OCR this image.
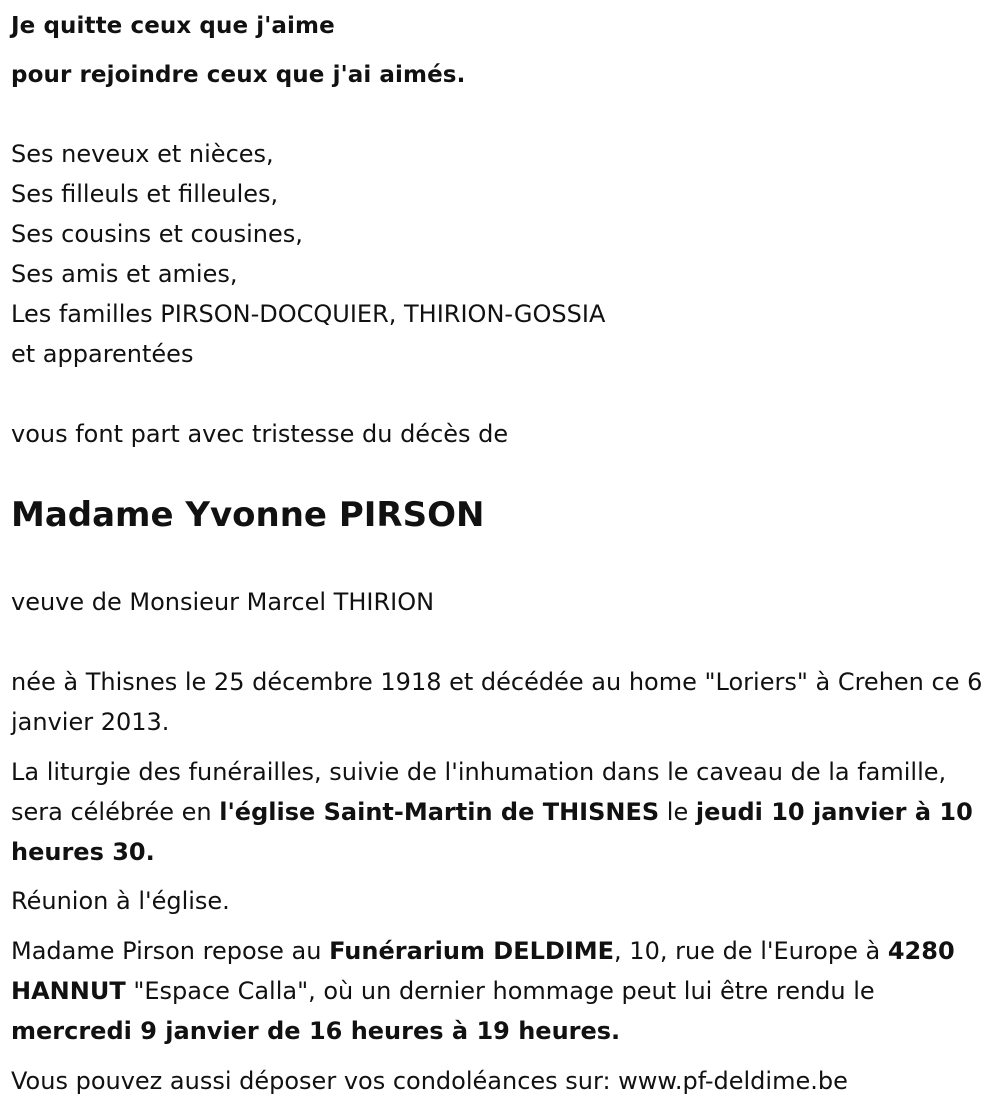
Je quitte ceux que j'aime
pour rejoindre ceux que j'ai aimés.
Ses neveux et nièces,
Ses filleuls et filleules,
Ses cousins et cousines,
Ses amis et amies,
Les familles PIRSON-DOCQUIER, THIRION-GOSSIA
et apparentées
vous font part avec tristesse du décès de
Madame Yvonne PIRSON
veuve de Monsieur Marcel THIRION
née à Thisnes le 25 décembre 1918 et décédée au home "Loriers" à Crehen ce 6 janvier 2013.
La liturgie des funérailles, suivie de l'inhumation dans le caveau de la famille, sera célébrée en l'église Saint-Martin de THISNES le jeudi 10 janvier à 10 heures 30.
Réunion à l'église.
Madame Pirson repose au Funérarium DELDIME, 10, rue de l'Europe à 4280 HANNUT "Espace Calla", où un dernier hommage peut lui être rendu le mercredi 9 janvier de 16 heures à 19 heures.
Vous pouvez aussi déposer vos condoléances sur: www.pf-deldime.be
